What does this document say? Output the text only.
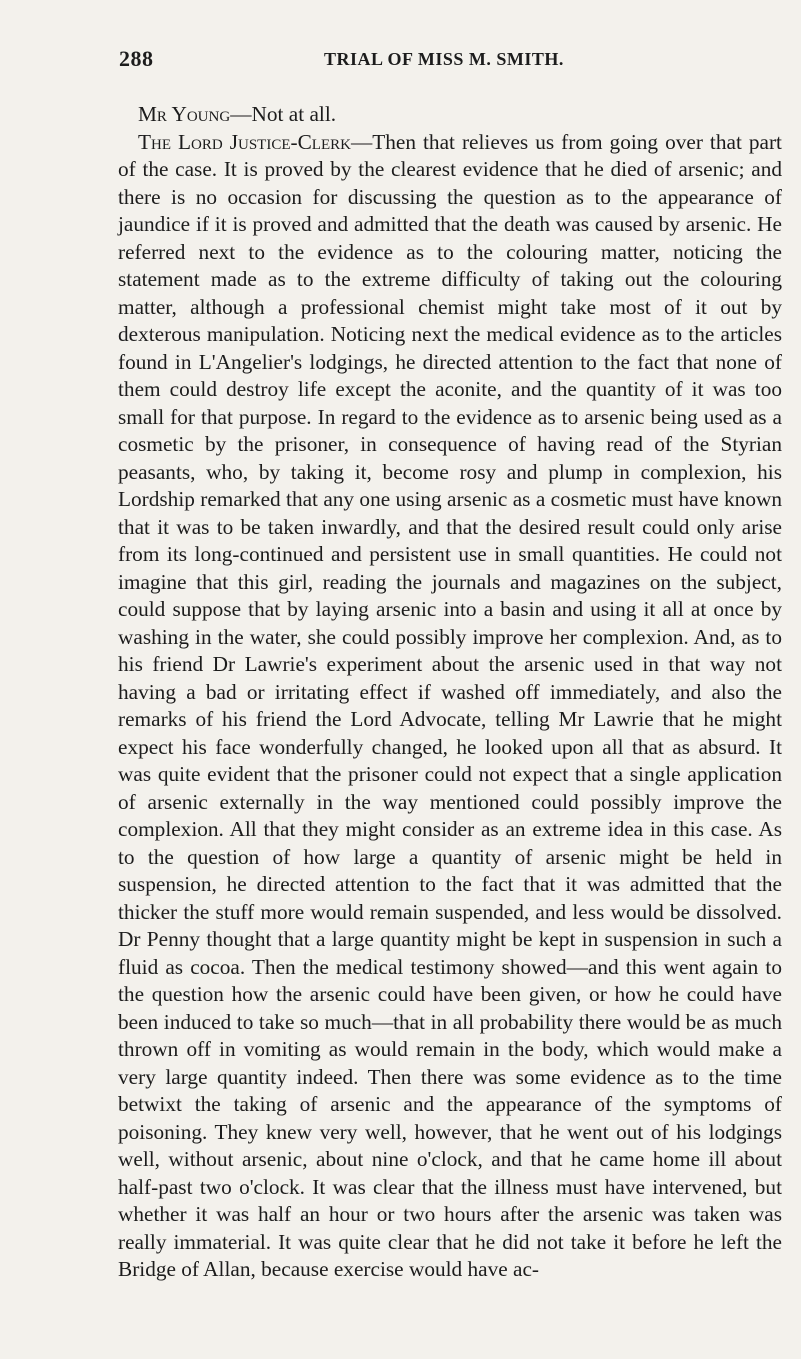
288	TRIAL OF MISS M. SMITH.

Mr Young—Not at all.

The Lord Justice-Clerk—Then that relieves us from going over that part of the case. It is proved by the clearest evidence that he died of arsenic; and there is no occasion for discussing the question as to the appearance of jaundice if it is proved and admitted that the death was caused by arsenic. He referred next to the evidence as to the colouring matter, noticing the statement made as to the extreme difficulty of taking out the colouring matter, although a professional chemist might take most of it out by dexterous manipulation. Noticing next the medical evidence as to the articles found in L'Angelier's lodgings, he directed attention to the fact that none of them could destroy life except the aconite, and the quantity of it was too small for that purpose. In regard to the evidence as to arsenic being used as a cosmetic by the prisoner, in consequence of having read of the Styrian peasants, who, by taking it, become rosy and plump in complexion, his Lordship remarked that any one using arsenic as a cosmetic must have known that it was to be taken inwardly, and that the desired result could only arise from its long-continued and persistent use in small quantities. He could not imagine that this girl, reading the journals and magazines on the subject, could suppose that by laying arsenic into a basin and using it all at once by washing in the water, she could possibly improve her complexion. And, as to his friend Dr Lawrie's experiment about the arsenic used in that way not having a bad or irritating effect if washed off immediately, and also the remarks of his friend the Lord Advocate, telling Mr Lawrie that he might expect his face wonderfully changed, he looked upon all that as absurd. It was quite evident that the prisoner could not expect that a single application of arsenic externally in the way mentioned could possibly improve the complexion. All that they might consider as an extreme idea in this case. As to the question of how large a quantity of arsenic might be held in suspension, he directed attention to the fact that it was admitted that the thicker the stuff more would remain suspended, and less would be dissolved. Dr Penny thought that a large quantity might be kept in suspension in such a fluid as cocoa. Then the medical testimony showed—and this went again to the question how the arsenic could have been given, or how he could have been induced to take so much—that in all probability there would be as much thrown off in vomiting as would remain in the body, which would make a very large quantity indeed. Then there was some evidence as to the time betwixt the taking of arsenic and the appearance of the symptoms of poisoning. They knew very well, however, that he went out of his lodgings well, without arsenic, about nine o'clock, and that he came home ill about half-past two o'clock. It was clear that the illness must have intervened, but whether it was half an hour or two hours after the arsenic was taken was really immaterial. It was quite clear that he did not take it before he left the Bridge of Allan, because exercise would have ac-
